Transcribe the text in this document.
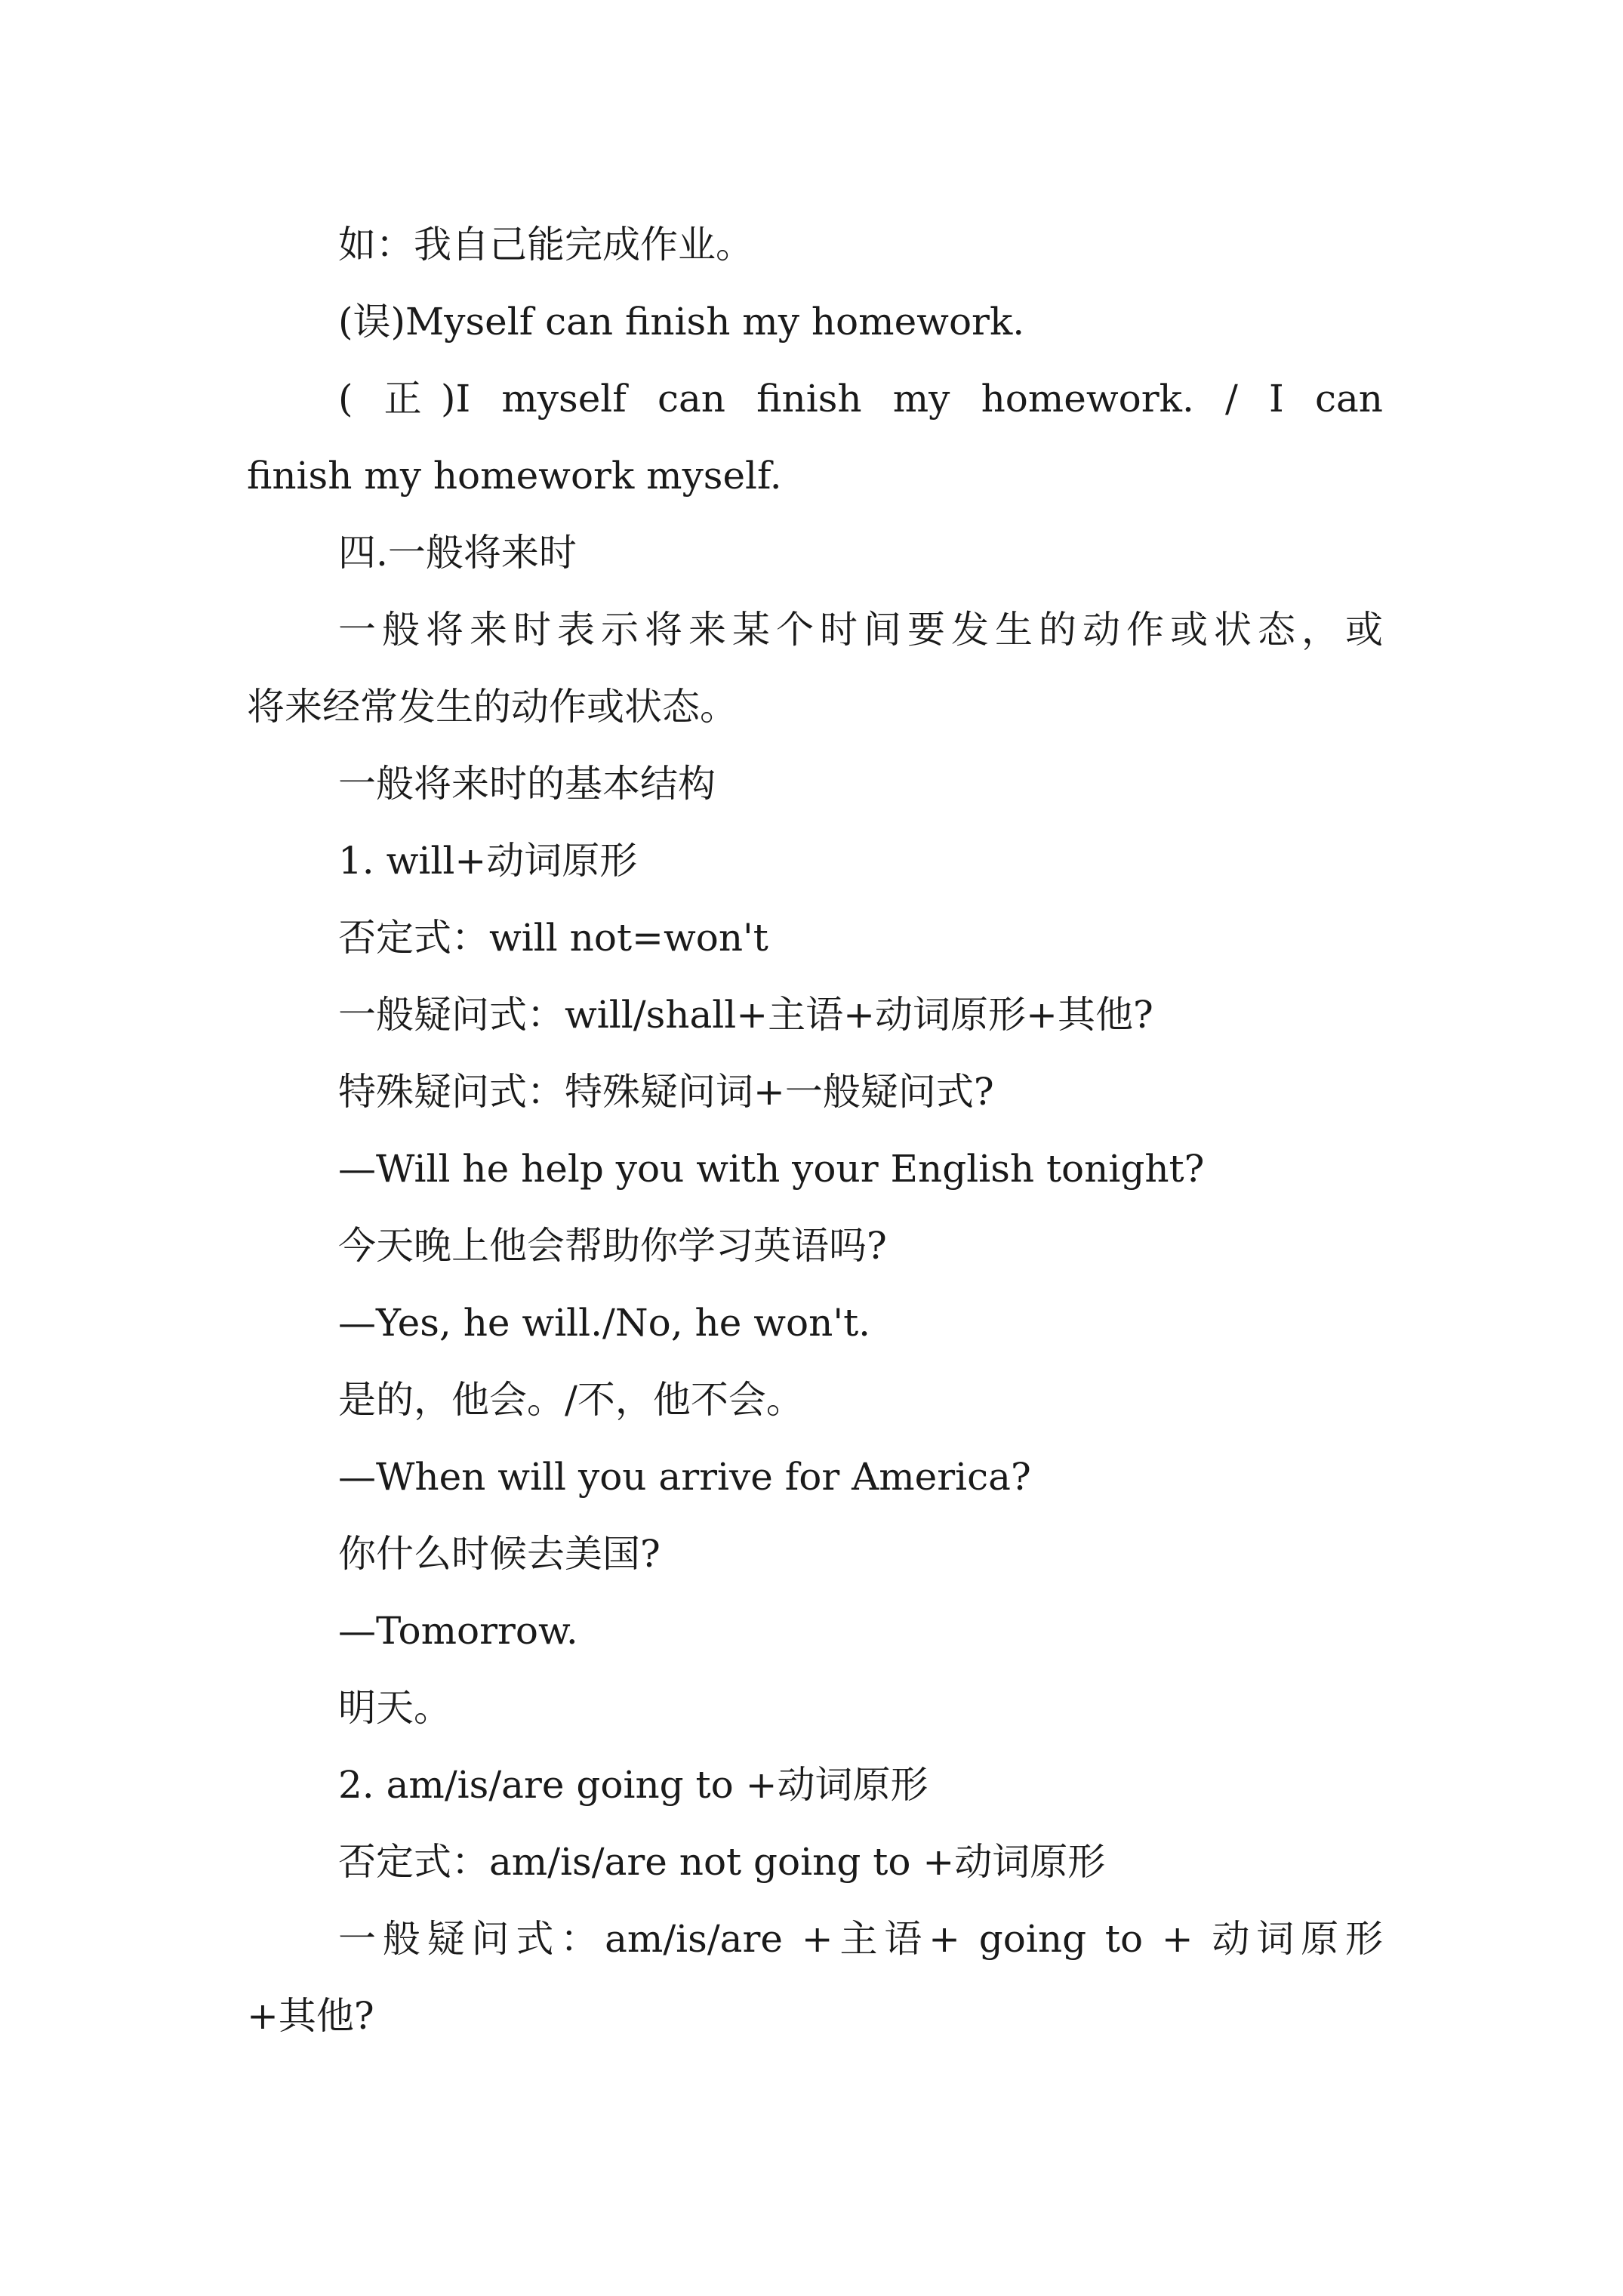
如：我自己能完成作业。
(误)Myself can finish my homework.
( 正)I myself can finish my homework. / I can
finish my homework myself.
四.一般将来时
一般将来时表示将来某个时间要发生的动作或状态，或
将来经常发生的动作或状态。
一般将来时的基本结构
1. will+动词原形
否定式：will not=won't
一般疑问式：will/shall+主语+动词原形+其他?
特殊疑问式：特殊疑问词+一般疑问式?
—Will he help you with your English tonight?
今天晚上他会帮助你学习英语吗?
—Yes, he will./No, he won't.
是的，他会。/不，他不会。
—When will you arrive for America?
你什么时候去美国?
—Tomorrow.
明天。
2. am/is/are going to +动词原形
否定式：am/is/are not going to +动词原形
一般疑问式：am/is/are +主语+ going to + 动词原形
+其他?
